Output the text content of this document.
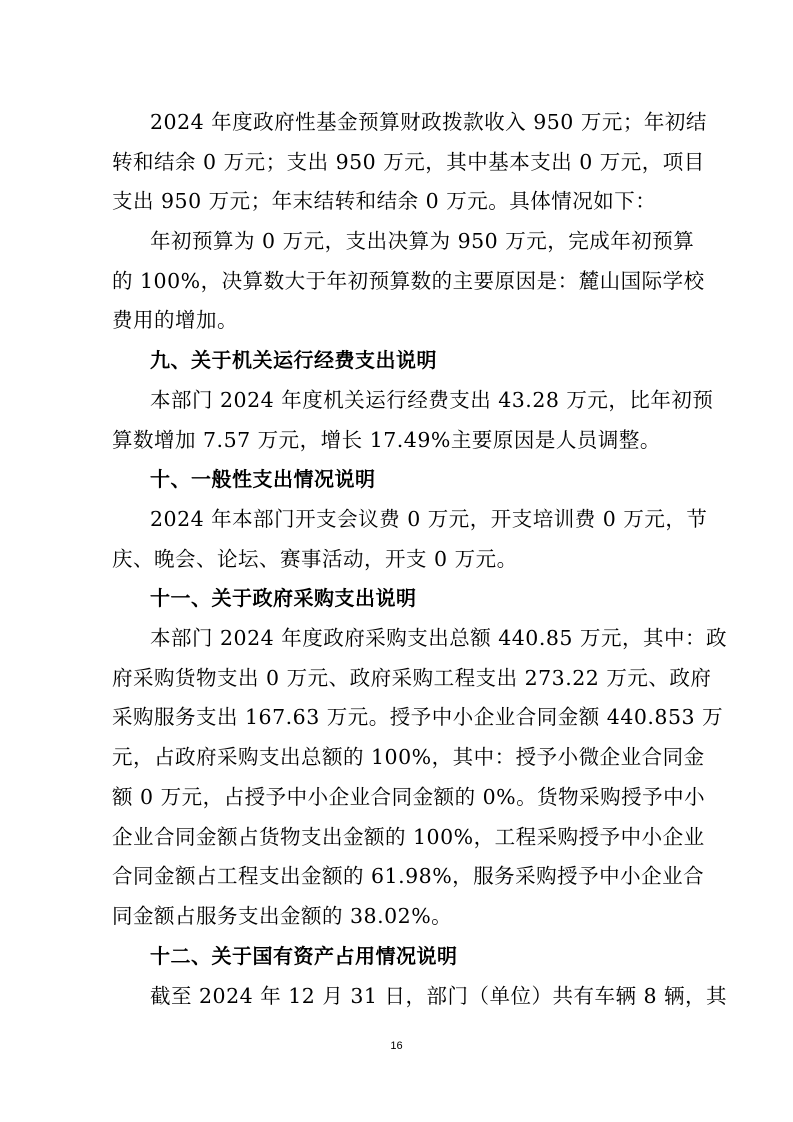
2024 年度政府性基金预算财政拨款收入 950 万元；年初结
转和结余 0 万元；支出 950 万元，其中基本支出 0 万元，项目
支出 950 万元；年末结转和结余 0 万元。具体情况如下：
年初预算为 0 万元，支出决算为 950 万元，完成年初预算
的 100%，决算数大于年初预算数的主要原因是：麓山国际学校
费用的增加。
九、关于机关运行经费支出说明
本部门 2024 年度机关运行经费支出 43.28 万元，比年初预
算数增加 7.57 万元，增长 17.49%主要原因是人员调整。
十、一般性支出情况说明
2024 年本部门开支会议费 0 万元，开支培训费 0 万元，节
庆、晚会、论坛、赛事活动，开支 0 万元。
十一、关于政府采购支出说明
本部门 2024 年度政府采购支出总额 440.85 万元，其中：政
府采购货物支出 0 万元、政府采购工程支出 273.22 万元、政府
采购服务支出 167.63 万元。授予中小企业合同金额 440.853 万
元，占政府采购支出总额的 100%，其中：授予小微企业合同金
额 0 万元，占授予中小企业合同金额的 0%。货物采购授予中小
企业合同金额占货物支出金额的 100%，工程采购授予中小企业
合同金额占工程支出金额的 61.98%，服务采购授予中小企业合
同金额占服务支出金额的 38.02%。
十二、关于国有资产占用情况说明
截至 2024 年 12 月 31 日，部门（单位）共有车辆 8 辆，其
16
